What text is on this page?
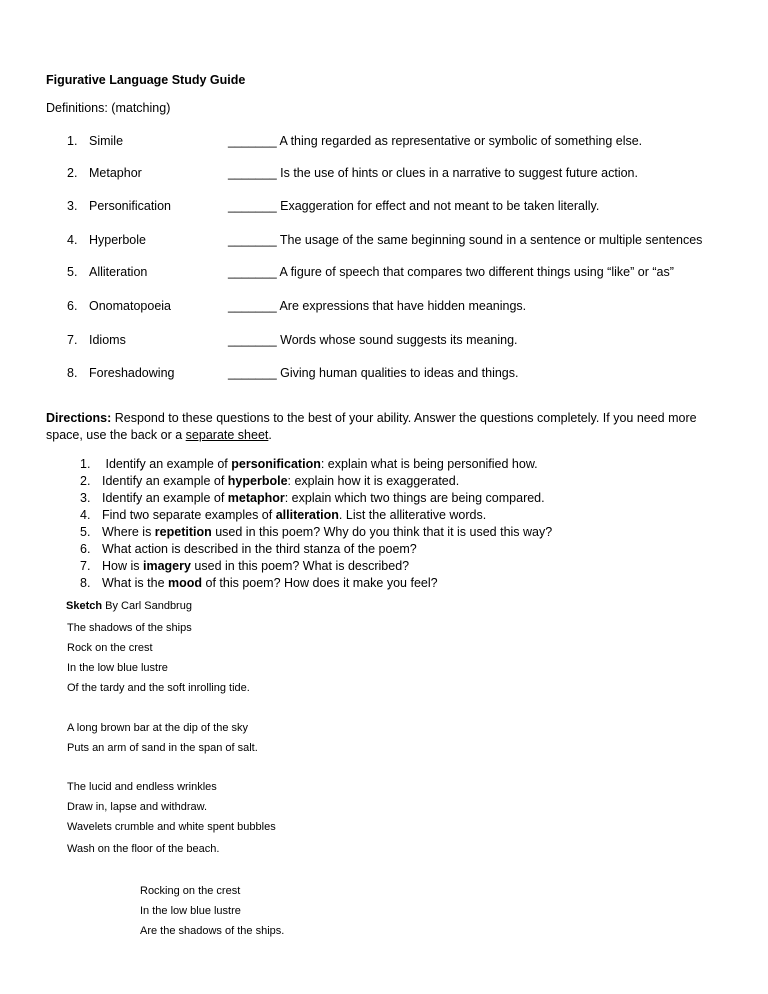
Figurative Language Study Guide
Definitions: (matching)
1. Simile
2. Metaphor
3. Personification
4. Hyperbole
5. Alliteration
6. Onomatopoeia
7. Idioms
8. Foreshadowing
_______ A thing regarded as representative or symbolic of something else.
_______ Is the use of hints or clues in a narrative to suggest future action.
_______ Exaggeration for effect and not meant to be taken literally.
_______ The usage of the same beginning sound in a sentence or multiple sentences
_______ A figure of speech that compares two different things using “like” or “as”
_______ Are expressions that have hidden meanings.
_______ Words whose sound suggests its meaning.
_______ Giving human qualities to ideas and things.
Directions: Respond to these questions to the best of your ability. Answer the questions completely. If you need more space, use the back or a separate sheet.
1. Identify an example of personification: explain what is being personified how.
2. Identify an example of hyperbole: explain how it is exaggerated.
3. Identify an example of metaphor: explain which two things are being compared.
4. Find two separate examples of alliteration. List the alliterative words.
5. Where is repetition used in this poem? Why do you think that it is used this way?
6. What action is described in the third stanza of the poem?
7. How is imagery used in this poem? What is described?
8. What is the mood of this poem? How does it make you feel?
Sketch By Carl Sandbrug
The shadows of the ships
Rock on the crest
In the low blue lustre
Of the tardy and the soft inrolling tide.
A long brown bar at the dip of the sky
Puts an arm of sand in the span of salt.
The lucid and endless wrinkles
Draw in, lapse and withdraw.
Wavelets crumble and white spent bubbles
Wash on the floor of the beach.
Rocking on the crest
In the low blue lustre
Are the shadows of the ships.
